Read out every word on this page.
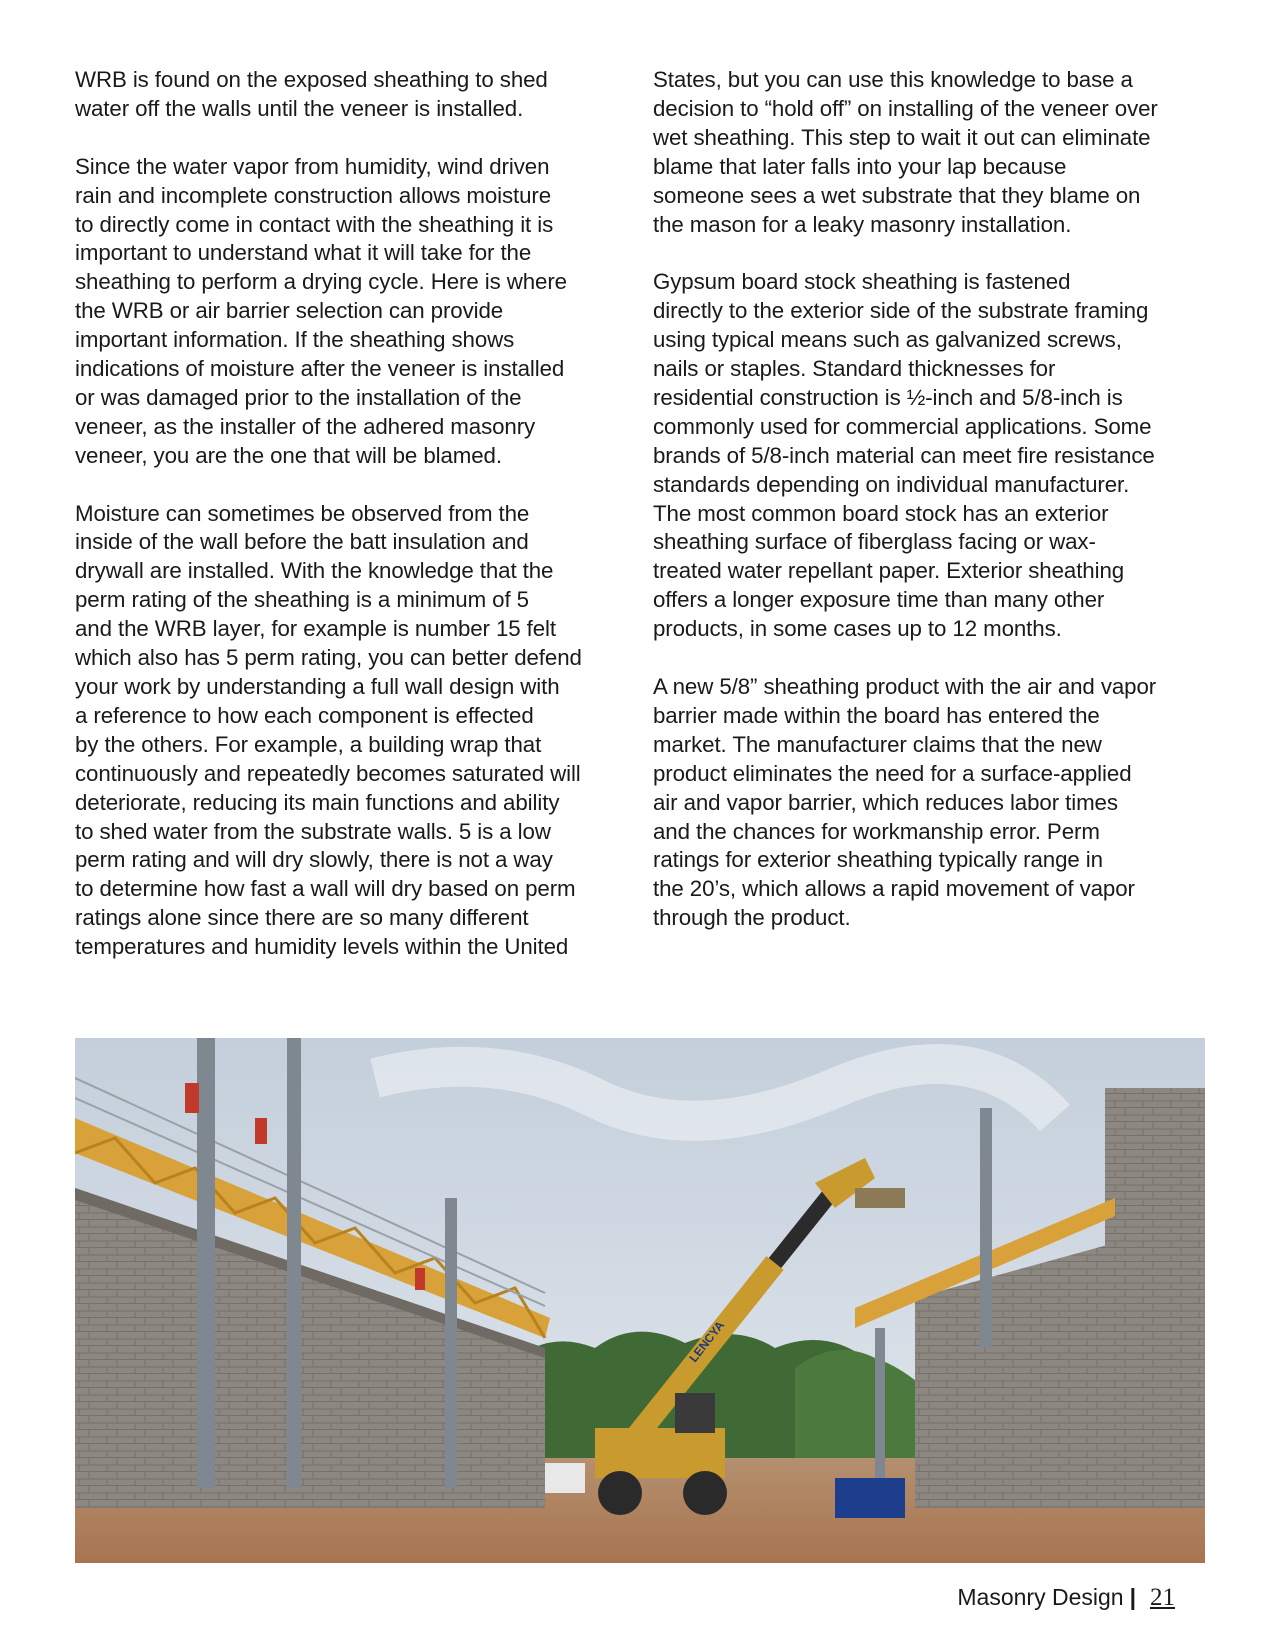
WRB is found on the exposed sheathing to shed
water off the walls until the veneer is installed.

Since the water vapor from humidity, wind driven
rain and incomplete construction allows moisture
to directly come in contact with the sheathing it is
important to understand what it will take for the
sheathing to perform a drying cycle. Here is where
the WRB or air barrier selection can provide
important information. If the sheathing shows
indications of moisture after the veneer is installed
or was damaged prior to the installation of the
veneer, as the installer of the adhered masonry
veneer, you are the one that will be blamed.

Moisture can sometimes be observed from the
inside of the wall before the batt insulation and
drywall are installed. With the knowledge that the
perm rating of the sheathing is a minimum of 5
and the WRB layer, for example is number 15 felt
which also has 5 perm rating, you can better defend
your work by understanding a full wall design with
a reference to how each component is effected
by the others. For example, a building wrap that
continuously and repeatedly becomes saturated will
deteriorate, reducing its main functions and ability
to shed water from the substrate walls. 5 is a low
perm rating and will dry slowly, there is not a way
to determine how fast a wall will dry based on perm
ratings alone since there are so many different
temperatures and humidity levels within the United

States, but you can use this knowledge to base a
decision to “hold off” on installing of the veneer over
wet sheathing. This step to wait it out can eliminate
blame that later falls into your lap because
someone sees a wet substrate that they blame on
the mason for a leaky masonry installation.

Gypsum board stock sheathing is fastened
directly to the exterior side of the substrate framing
using typical means such as galvanized screws,
nails or staples. Standard thicknesses for
residential construction is ½-inch and 5/8-inch is
commonly used for commercial applications. Some
brands of 5/8-inch material can meet fire resistance
standards depending on individual manufacturer.
The most common board stock has an exterior
sheathing surface of fiberglass facing or wax-
treated water repellant paper. Exterior sheathing
offers a longer exposure time than many other
products, in some cases up to 12 months.

A new 5/8” sheathing product with the air and vapor
barrier made within the board has entered the
market. The manufacturer claims that the new
product eliminates the need for a surface-applied
air and vapor barrier, which reduces labor times
and the chances for workmanship error. Perm
ratings for exterior sheathing typically range in
the 20’s, which allows a rapid movement of vapor
through the product.

LENCYA
Masonry Design | 21
